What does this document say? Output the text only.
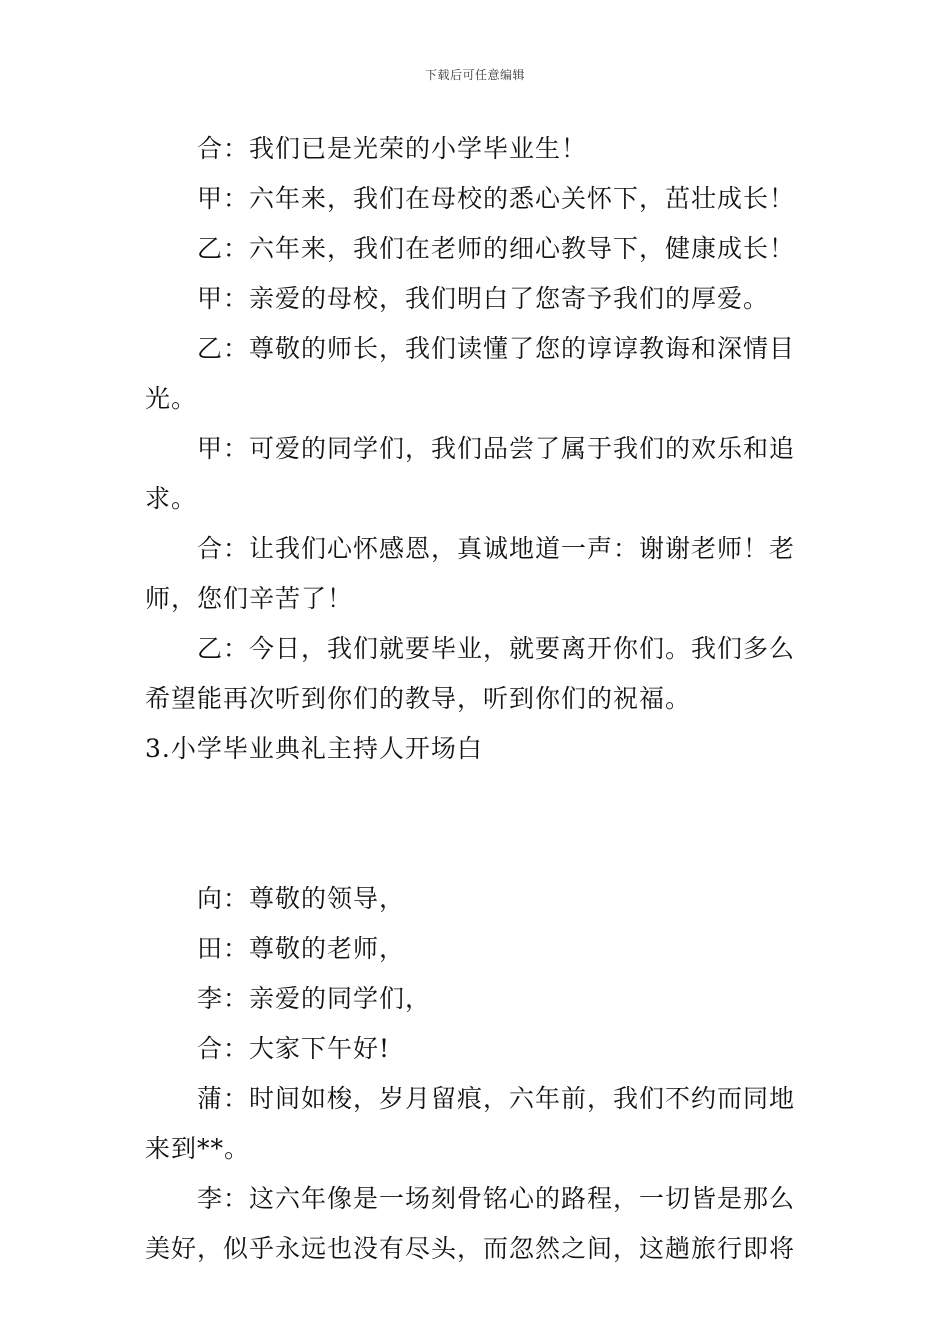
下载后可任意编辑

合：我们已是光荣的小学毕业生！

甲：六年来，我们在母校的悉心关怀下，茁壮成长！

乙：六年来，我们在老师的细心教导下，健康成长！

甲：亲爱的母校，我们明白了您寄予我们的厚爱。

乙：尊敬的师长，我们读懂了您的谆谆教诲和深情目光。

甲：可爱的同学们，我们品尝了属于我们的欢乐和追求。

合：让我们心怀感恩，真诚地道一声：谢谢老师！老师，您们辛苦了！

乙：今日，我们就要毕业，就要离开你们。我们多么希望能再次听到你们的教导，听到你们的祝福。

3.小学毕业典礼主持人开场白

向：尊敬的领导，

田：尊敬的老师，

李：亲爱的同学们，

合：大家下午好!

蒲：时间如梭，岁月留痕，六年前，我们不约而同地来到**。

李：这六年像是一场刻骨铭心的路程，一切皆是那么美好，似乎永远也没有尽头，而忽然之间，这趟旅行即将
